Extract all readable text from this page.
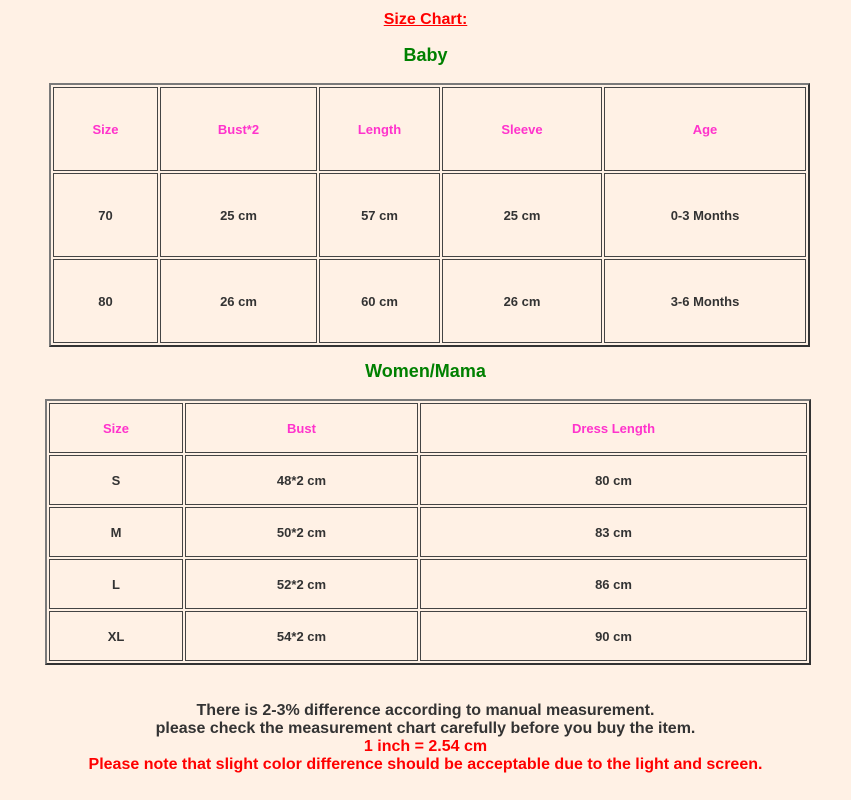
Size Chart:
Baby
Size	Bust*2	Length	Sleeve	Age
70	25 cm	57 cm	25 cm	0-3 Months
80	26 cm	60 cm	26 cm	3-6 Months
Women/Mama
Size	Bust	Dress Length
S	48*2 cm	80 cm
M	50*2 cm	83 cm
L	52*2 cm	86 cm
XL	54*2 cm	90 cm
There is 2-3% difference according to manual measurement.
please check the measurement chart carefully before you buy the item.
1 inch = 2.54 cm
Please note that slight color difference should be acceptable due to the light and screen.
